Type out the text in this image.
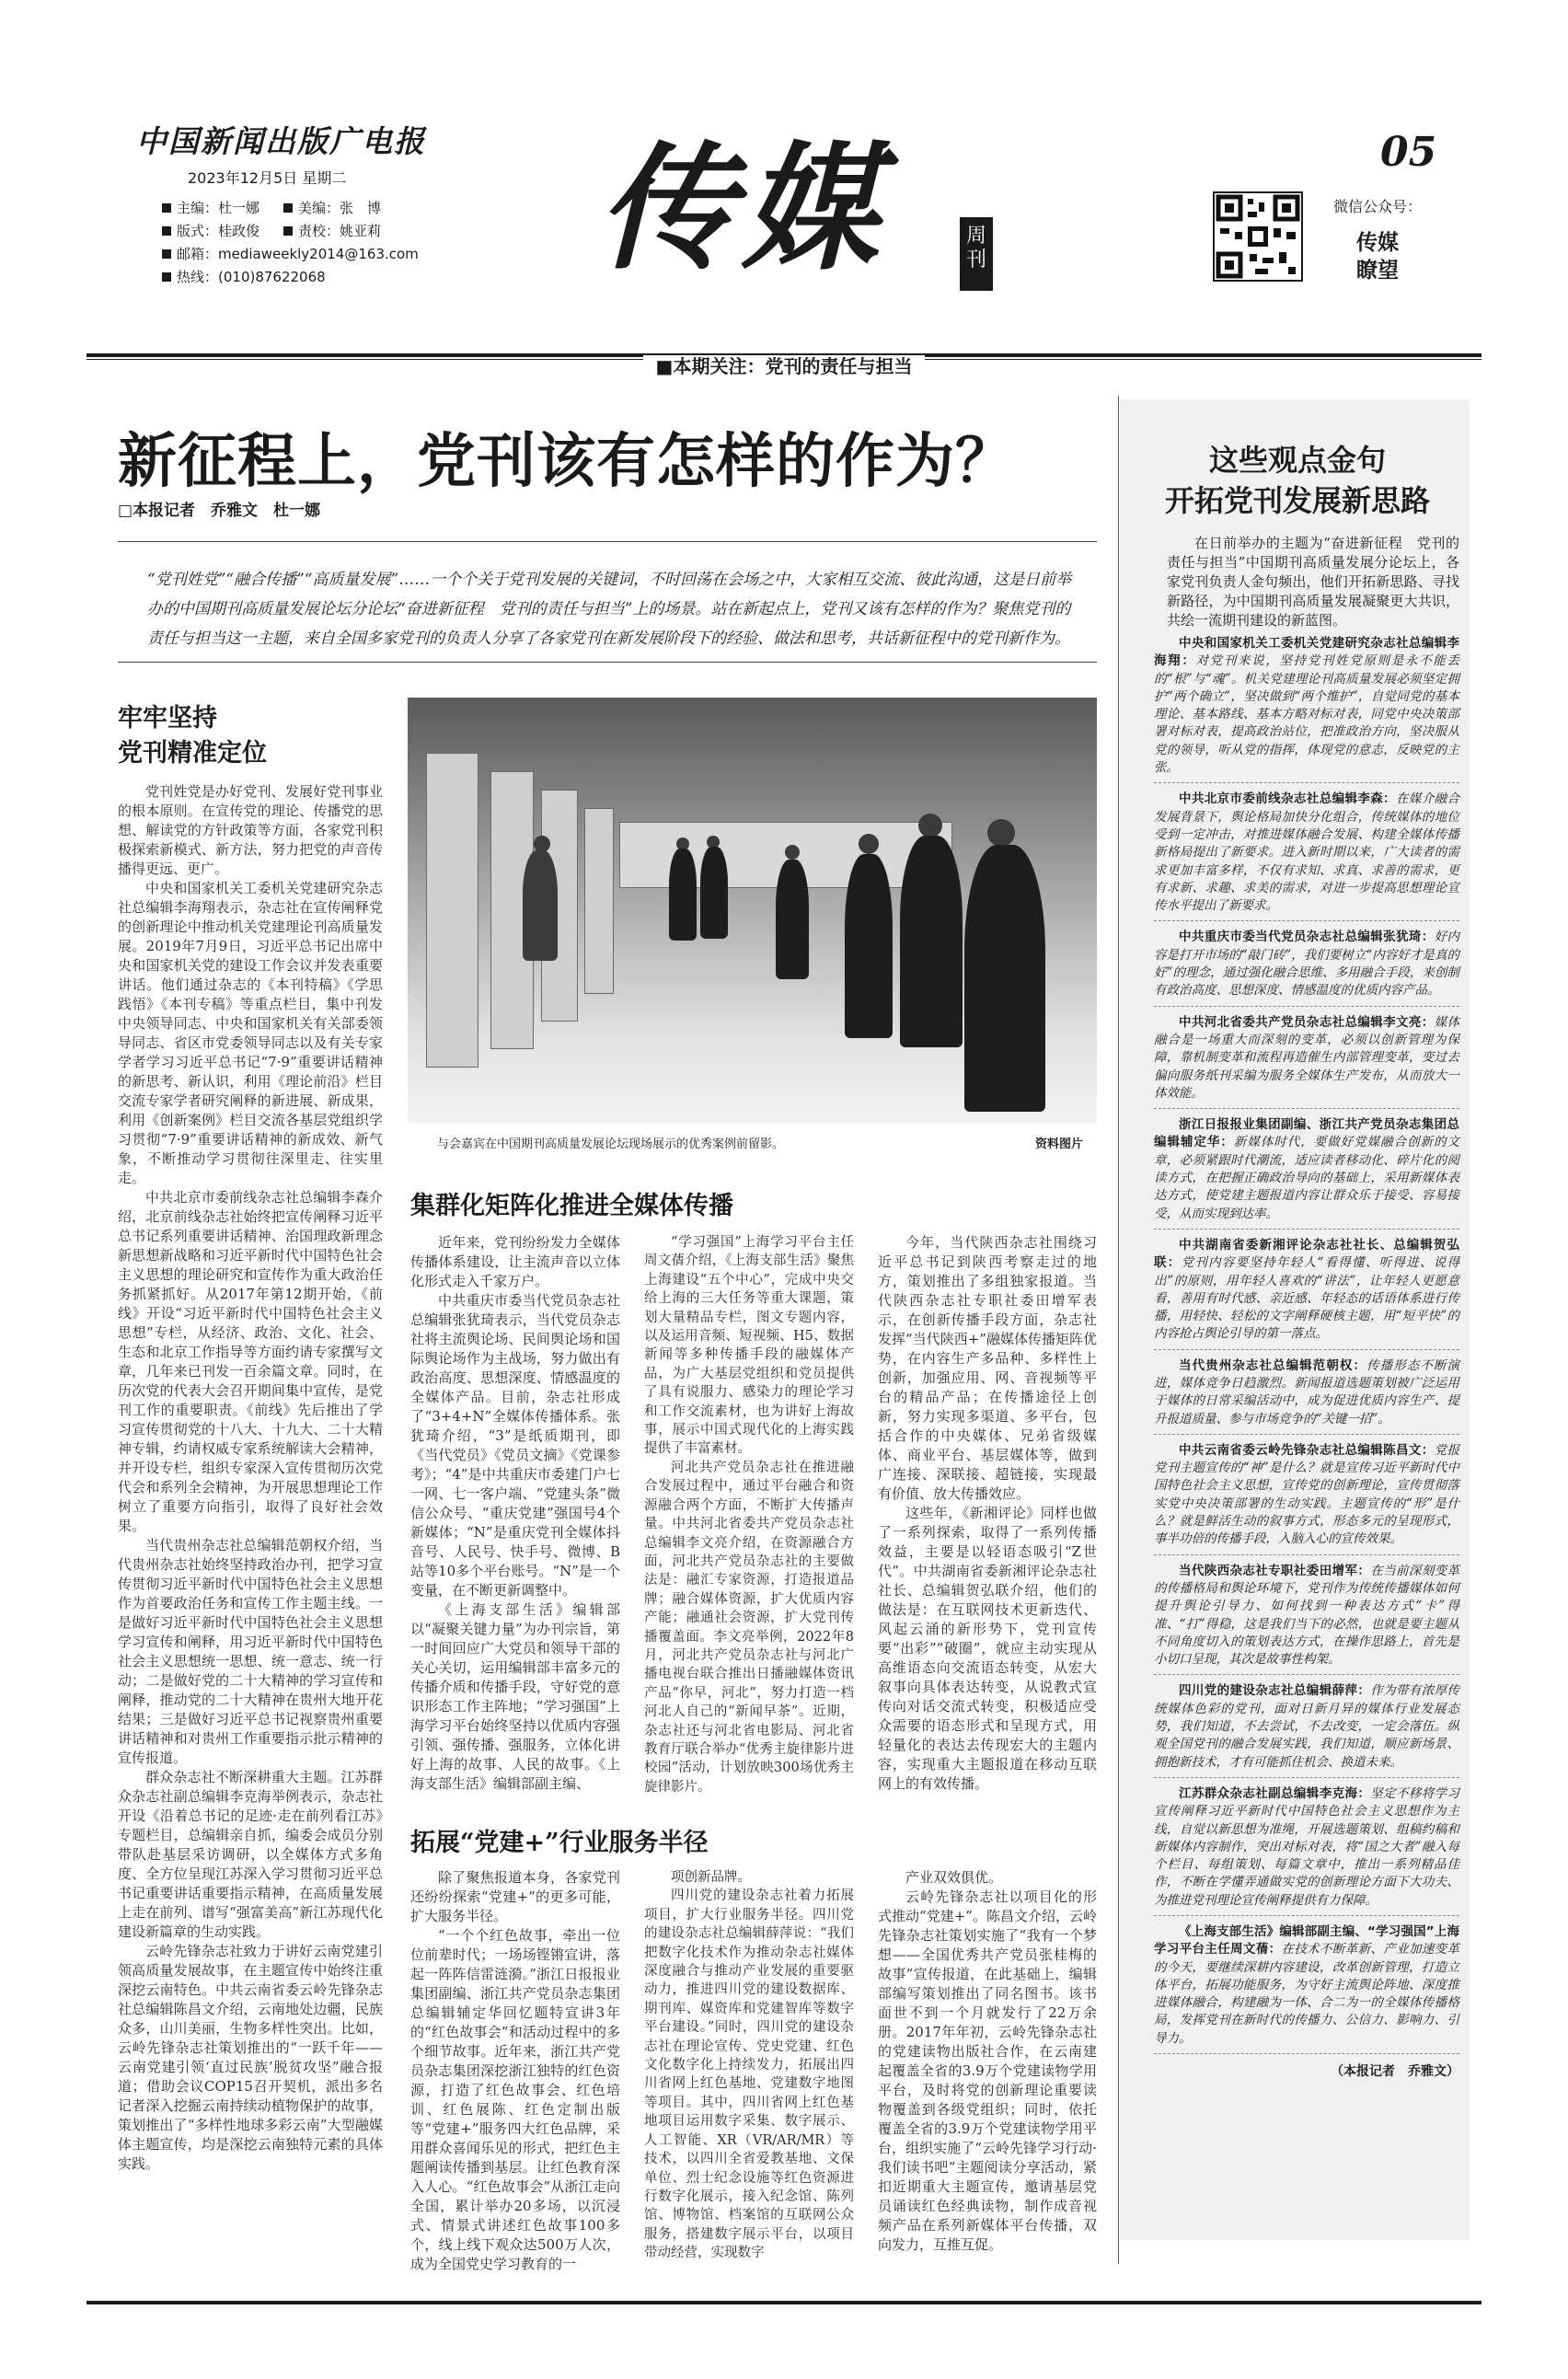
中国新闻出版广电报
2023年12月5日 星期二
主编：杜一娜	美编：张　博
版式：桂政俊	责校：姚亚莉
邮箱：mediaweekly2014@163.com
热线：(010)87622068 传媒	周刊
05
微信公众号：
传媒
瞭望
■本期关注：党刊的责任与担当
新征程上，党刊该有怎样的作为？
□本报记者　乔雅文　杜一娜
“党刊姓党”“融合传播”“高质量发展”……一个个关于党刊发展的关键词，不时回荡在会场之中，大家相互交流、彼此沟通，这是日前举办的中国期刊高质量发展论坛分论坛“奋进新征程　党刊的责任与担当”上的场景。站在新起点上，党刊又该有怎样的作为？聚焦党刊的责任与担当这一主题，来自全国多家党刊的负责人分享了各家党刊在新发展阶段下的经验、做法和思考，共话新征程中的党刊新作为。
牢牢坚持
党刊精准定位

党刊姓党是办好党刊、发展好党刊事业的根本原则。在宣传党的理论、传播党的思想、解读党的方针政策等方面，各家党刊积极探索新模式、新方法，努力把党的声音传播得更远、更广。

中央和国家机关工委机关党建研究杂志社总编辑李海翔表示，杂志社在宣传阐释党的创新理论中推动机关党建理论刊高质量发展。2019年7月9日，习近平总书记出席中央和国家机关党的建设工作会议并发表重要讲话。他们通过杂志的《本刊特稿》《学思践悟》《本刊专稿》等重点栏目，集中刊发中央领导同志、中央和国家机关有关部委领导同志、省区市党委领导同志以及有关专家学者学习习近平总书记“7·9”重要讲话精神的新思考、新认识，利用《理论前沿》栏目交流专家学者研究阐释的新进展、新成果，利用《创新案例》栏目交流各基层党组织学习贯彻“7·9”重要讲话精神的新成效、新气象，不断推动学习贯彻往深里走、往实里走。

中共北京市委前线杂志社总编辑李森介绍，北京前线杂志社始终把宣传阐释习近平总书记系列重要讲话精神、治国理政新理念新思想新战略和习近平新时代中国特色社会主义思想的理论研究和宣传作为重大政治任务抓紧抓好。从2017年第12期开始，《前线》开设“习近平新时代中国特色社会主义思想”专栏，从经济、政治、文化、社会、生态和北京工作指导等方面约请专家撰写文章，几年来已刊发一百余篇文章。同时，在历次党的代表大会召开期间集中宣传，是党刊工作的重要职责。《前线》先后推出了学习宣传贯彻党的十八大、十九大、二十大精神专辑，约请权威专家系统解读大会精神，并开设专栏，组织专家深入宣传贯彻历次党代会和系列全会精神，为开展思想理论工作树立了重要方向指引，取得了良好社会效果。

当代贵州杂志社总编辑范朝权介绍，当代贵州杂志社始终坚持政治办刊，把学习宣传贯彻习近平新时代中国特色社会主义思想作为首要政治任务和宣传工作主题主线。一是做好习近平新时代中国特色社会主义思想学习宣传和阐释，用习近平新时代中国特色社会主义思想统一思想、统一意志、统一行动；二是做好党的二十大精神的学习宣传和阐释，推动党的二十大精神在贵州大地开花结果；三是做好习近平总书记视察贵州重要讲话精神和对贵州工作重要指示批示精神的宣传报道。

群众杂志社不断深耕重大主题。江苏群众杂志社副总编辑李克海举例表示，杂志社开设《沿着总书记的足迹·走在前列看江苏》专题栏目，总编辑亲自抓，编委会成员分别带队赴基层采访调研，以全媒体方式多角度、全方位呈现江苏深入学习贯彻习近平总书记重要讲话重要指示精神，在高质量发展上走在前列、谱写“强富美高”新江苏现代化建设新篇章的生动实践。

云岭先锋杂志社致力于讲好云南党建引领高质量发展故事，在主题宣传中始终注重深挖云南特色。中共云南省委云岭先锋杂志社总编辑陈昌文介绍，云南地处边疆，民族众多，山川美丽，生物多样性突出。比如，云岭先锋杂志社策划推出的“一跃千年——云南党建引领‘直过民族’脱贫攻坚”融合报道；借助会议COP15召开契机，派出多名记者深入挖掘云南持续动植物保护的故事，策划推出了“多样性地球多彩云南”大型融媒体主题宣传，均是深挖云南独特元素的具体实践。

与会嘉宾在中国期刊高质量发展论坛现场展示的优秀案例前留影。	资料图片
集群化矩阵化推进全媒体传播

近年来，党刊纷纷发力全媒体传播体系建设，让主流声音以立体化形式走入千家万户。

中共重庆市委当代党员杂志社总编辑张犹琦表示，当代党员杂志社将主流舆论场、民间舆论场和国际舆论场作为主战场，努力做出有政治高度、思想深度、情感温度的全媒体产品。目前，杂志社形成了“3+4+N”全媒体传播体系。张犹琦介绍，“3”是纸质期刊，即《当代党员》《党员文摘》《党课参考》；“4”是中共重庆市委建门户七一网、七一客户端、“党建头条”微信公众号、“重庆党建”强国号4个新媒体；“N”是重庆党刊全媒体抖音号、人民号、快手号、微博、B站等10多个平台账号。“N”是一个变量，在不断更新调整中。

《上海支部生活》编辑部以“凝聚关键力量”为办刊宗旨，第一时间回应广大党员和领导干部的关心关切，运用编辑部丰富多元的传播介质和传播手段，守好党的意识形态工作主阵地；“学习强国”上海学习平台始终坚持以优质内容强引领、强传播、强服务，立体化讲好上海的故事、人民的故事。《上海支部生活》编辑部副主编、

“学习强国”上海学习平台主任周文蒨介绍，《上海支部生活》聚焦上海建设“五个中心”，完成中央交给上海的三大任务等重大课题，策划大量精品专栏，图文专题内容，以及运用音频、短视频、H5、数据新闻等多种传播手段的融媒体产品，为广大基层党组织和党员提供了具有说服力、感染力的理论学习和工作交流素材，也为讲好上海故事，展示中国式现代化的上海实践提供了丰富素材。

河北共产党员杂志社在推进融合发展过程中，通过平台融合和资源融合两个方面，不断扩大传播声量。中共河北省委共产党员杂志社总编辑李文亮介绍，在资源融合方面，河北共产党员杂志社的主要做法是：融汇专家资源，打造报道品牌；融合媒体资源，扩大优质内容产能；融通社会资源，扩大党刊传播覆盖面。李文亮举例，2022年8月，河北共产党员杂志社与河北广播电视台联合推出日播融媒体资讯产品“你早，河北”，努力打造一档河北人自己的“新闻早茶”。近期，杂志社还与河北省电影局、河北省教育厅联合举办“优秀主旋律影片进校园”活动，计划放映300场优秀主旋律影片。

今年，当代陕西杂志社围绕习近平总书记到陕西考察走过的地方，策划推出了多组独家报道。当代陕西杂志社专职社委田增军表示，在创新传播手段方面，杂志社发挥“当代陕西+”融媒体传播矩阵优势，在内容生产多品种、多样性上创新，加强应用、网、音视频等平台的精品产品；在传播途径上创新，努力实现多渠道、多平台，包括合作的中央媒体、兄弟省级媒体、商业平台、基层媒体等，做到广连接、深联接、超链接，实现最有价值、放大传播效应。

这些年，《新湘评论》同样也做了一系列探索，取得了一系列传播效益，主要是以轻语态吸引“Z世代”。中共湖南省委新湘评论杂志社社长、总编辑贺弘联介绍，他们的做法是：在互联网技术更新迭代、风起云涌的新形势下，党刊宣传要“出彩”“破圈”，就应主动实现从高维语态向交流语态转变，从宏大叙事向具体表达转变，从说教式宣传向对话交流式转变，积极适应受众需要的语态形式和呈现方式，用轻量化的表达去传现宏大的主题内容，实现重大主题报道在移动互联网上的有效传播。

拓展“党建+”行业服务半径

除了聚焦报道本身，各家党刊还纷纷探索“党建+”的更多可能，扩大服务半径。

“一个个红色故事，牵出一位位前辈时代；一场场铿锵宣讲，落起一阵阵信雷涟漪。”浙江日报报业集团副编、浙江共产党员杂志集团总编辑辅定华回忆题特宣讲3年的“红色故事会”和活动过程中的多个细节故事。近年来，浙江共产党员杂志集团深挖浙江独特的红色资源，打造了红色故事会、红色培训、红色展陈、红色定制出版等“党建+”服务四大红色品牌，采用群众喜闻乐见的形式，把红色主题阐读传播到基层。让红色教育深入人心。“红色故事会”从浙江走向全国，累计举办20多场，以沉浸式、情景式讲述红色故事100多个，线上线下观众达500万人次，成为全国党史学习教育的一

项创新品牌。

四川党的建设杂志社着力拓展项目，扩大行业服务半径。四川党的建设杂志社总编辑薛萍说：“我们把数字化技术作为推动杂志社媒体深度融合与推动产业发展的重要驱动力，推进四川党的建设数据库、期刊库、媒资库和党建智库等数字平台建设。”同时，四川党的建设杂志社在理论宣传、党史党建、红色文化数字化上持续发力，拓展出四川省网上红色基地、党建数字地图等项目。其中，四川省网上红色基地项目运用数字采集、数字展示、人工智能、XR（VR/AR/MR）等技术，以四川全省爱教基地、文保单位、烈士纪念设施等红色资源进行数字化展示，接入纪念馆、陈列馆、博物馆、档案馆的互联网公众服务，搭建数字展示平台，以项目带动经营，实现数字

产业双效俱优。

云岭先锋杂志社以项目化的形式推动“党建+”。陈昌文介绍，云岭先锋杂志社策划实施了“我有一个梦想——全国优秀共产党员张桂梅的故事”宣传报道，在此基础上，编辑部编写策划推出了同名图书。该书面世不到一个月就发行了22万余册。2017年年初，云岭先锋杂志社的党建读物出版社合作，在云南建起覆盖全省的3.9万个党建读物学用平台，及时将党的创新理论重要读物覆盖到各级党组织；同时，依托覆盖全省的3.9万个党建读物学用平台，组织实施了“云岭先锋学习行动·我们读书吧”主题阅读分享活动，紧扣近期重大主题宣传，邀请基层党员诵读红色经典读物，制作成音视频产品在系列新媒体平台传播，双向发力，互推互促。

这些观点金句
开拓党刊发展新思路
在日前举办的主题为“奋进新征程　党刊的责任与担当”中国期刊高质量发展分论坛上，各家党刊负责人金句频出，他们开拓新思路、寻找新路径，为中国期刊高质量发展凝聚更大共识，共绘一流期刊建设的新蓝图。
中央和国家机关工委机关党建研究杂志社总编辑李海翔：对党刊来说，坚持党刊姓党原则是永不能丢的“根”与“魂”。机关党建理论刊高质量发展必须坚定拥护“两个确立”，坚决做到“两个维护”，自觉同党的基本理论、基本路线、基本方略对标对表，同党中央决策部署对标对表，提高政治站位，把准政治方向，坚决服从党的领导，听从党的指挥，体现党的意志，反映党的主张。
中共北京市委前线杂志社总编辑李森：在媒介融合发展背景下，舆论格局加快分化组合，传统媒体的地位受到一定冲击，对推进媒体融合发展、构建全媒体传播新格局提出了新要求。进入新时期以来，广大读者的需求更加丰富多样，不仅有求知、求真、求善的需求，更有求新、求趣、求美的需求，对进一步提高思想理论宣传水平提出了新要求。
中共重庆市委当代党员杂志社总编辑张犹琦：好内容是打开市场的“敲门砖”，我们要树立“内容好才是真的好”的理念，通过强化融合思维、多用融合手段，来创制有政治高度、思想深度、情感温度的优质内容产品。
中共河北省委共产党员杂志社总编辑李文亮：媒体融合是一场重大而深刻的变革，必须以创新管理为保障，靠机制变革和流程再造催生内部管理变革，变过去偏向服务纸刊采编为服务全媒体生产发布，从而放大一体效能。
浙江日报报业集团副编、浙江共产党员杂志集团总编辑辅定华：新媒体时代，要做好党媒融合创新的文章，必须紧跟时代潮流，适应读者移动化、碎片化的阅读方式，在把握正确政治导向的基础上，采用新媒体表达方式，使党建主题报道内容让群众乐于接受、容易接受，从而实现到达率。
中共湖南省委新湘评论杂志社社长、总编辑贺弘联：党刊内容要坚持年轻人“看得懂、听得进、说得出”的原则，用年轻人喜欢的“讲法”，让年轻人更愿意看，善用有时代感、亲近感、年轻态的话语体系进行传播，用轻快、轻松的文字阐释硬核主题，用“短平快”的内容抢占舆论引导的第一落点。
当代贵州杂志社总编辑范朝权：传播形态不断演进，媒体竞争日趋激烈。新闻报道选题策划被广泛运用于媒体的日常采编活动中，成为促进优质内容生产、提升报道质量、参与市场竞争的“关键一招”。
中共云南省委云岭先锋杂志社总编辑陈昌文：党报党刊主题宣传的“神”是什么？就是宣传习近平新时代中国特色社会主义思想，宣传党的创新理论，宣传贯彻落实党中央决策部署的生动实践。主题宣传的“形”是什么？就是鲜活生动的叙事方式，形态多元的呈现形式，事半功倍的传播手段，入脑入心的宣传效果。
当代陕西杂志社专职社委田增军：在当前深刻变革的传播格局和舆论环境下，党刊作为传统传播媒体如何提升舆论引导力、如何找到一种表达方式“卡”得准、“打”得稳，这是我们当下的必然，也就是要主题从不同角度切入的策划表达方式，在操作思路上，首先是小切口呈现，其次是故事性构架。
四川党的建设杂志社总编辑薛萍：作为带有浓厚传统媒体色彩的党刊，面对日新月异的媒体行业发展态势，我们知道，不去尝试，不去改变，一定会落伍。纵观全国党刊的融合发展实践，我们知道，顺应新场景、拥抱新技术，才有可能抓住机会、换道未来。
江苏群众杂志社副总编辑李克海：坚定不移将学习宣传阐释习近平新时代中国特色社会主义思想作为主线，自觉以新思想为准绳，开展选题策划、组稿约稿和新媒体内容制作，突出对标对表，将“国之大者”融入每个栏目、每组策划、每篇文章中，推出一系列精品佳作，不断在学懂弄通做实党的创新理论方面下大功夫、为推进党刊理论宣传阐释提供有力保障。
《上海支部生活》编辑部副主编、“学习强国”上海学习平台主任周文蒨：在技术不断革新、产业加速变革的今天，要继续深耕内容建设，改革创新管理，打造立体平台，拓展功能服务，为守好主流舆论阵地、深度推进媒体融合，构建融为一体、合二为一的全媒体传播格局，发挥党刊在新时代的传播力、公信力、影响力、引导力。
（本报记者　乔雅文）
